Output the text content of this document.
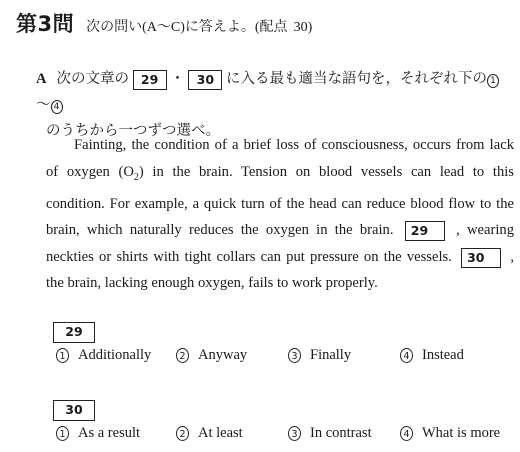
第3問 次の問い(A〜C)に答えよ。(配点 30)
A 次の文章の 29 ・ 30 に入る最も適当な語句を，それぞれ下の 1〜 4
のうちから一つずつ選べ。
Fainting, the condition of a brief loss of consciousness, occurs from lack
of oxygen $(O_2)$ in the brain. Tension on blood vessels can lead to this
condition. For example, a quick turn of the head can reduce blood flow to the
brain, which naturally reduces the oxygen in the brain. 29 , wearing
neckties or shirts with tight collars can put pressure on the vessels. 30 ,
the brain, lacking enough oxygen, fails to work properly.
29
1 Additionally	2 Anyway	3 Finally	4 Instead
30
1 As a result	2 At least	3 In contrast	4 What is more
